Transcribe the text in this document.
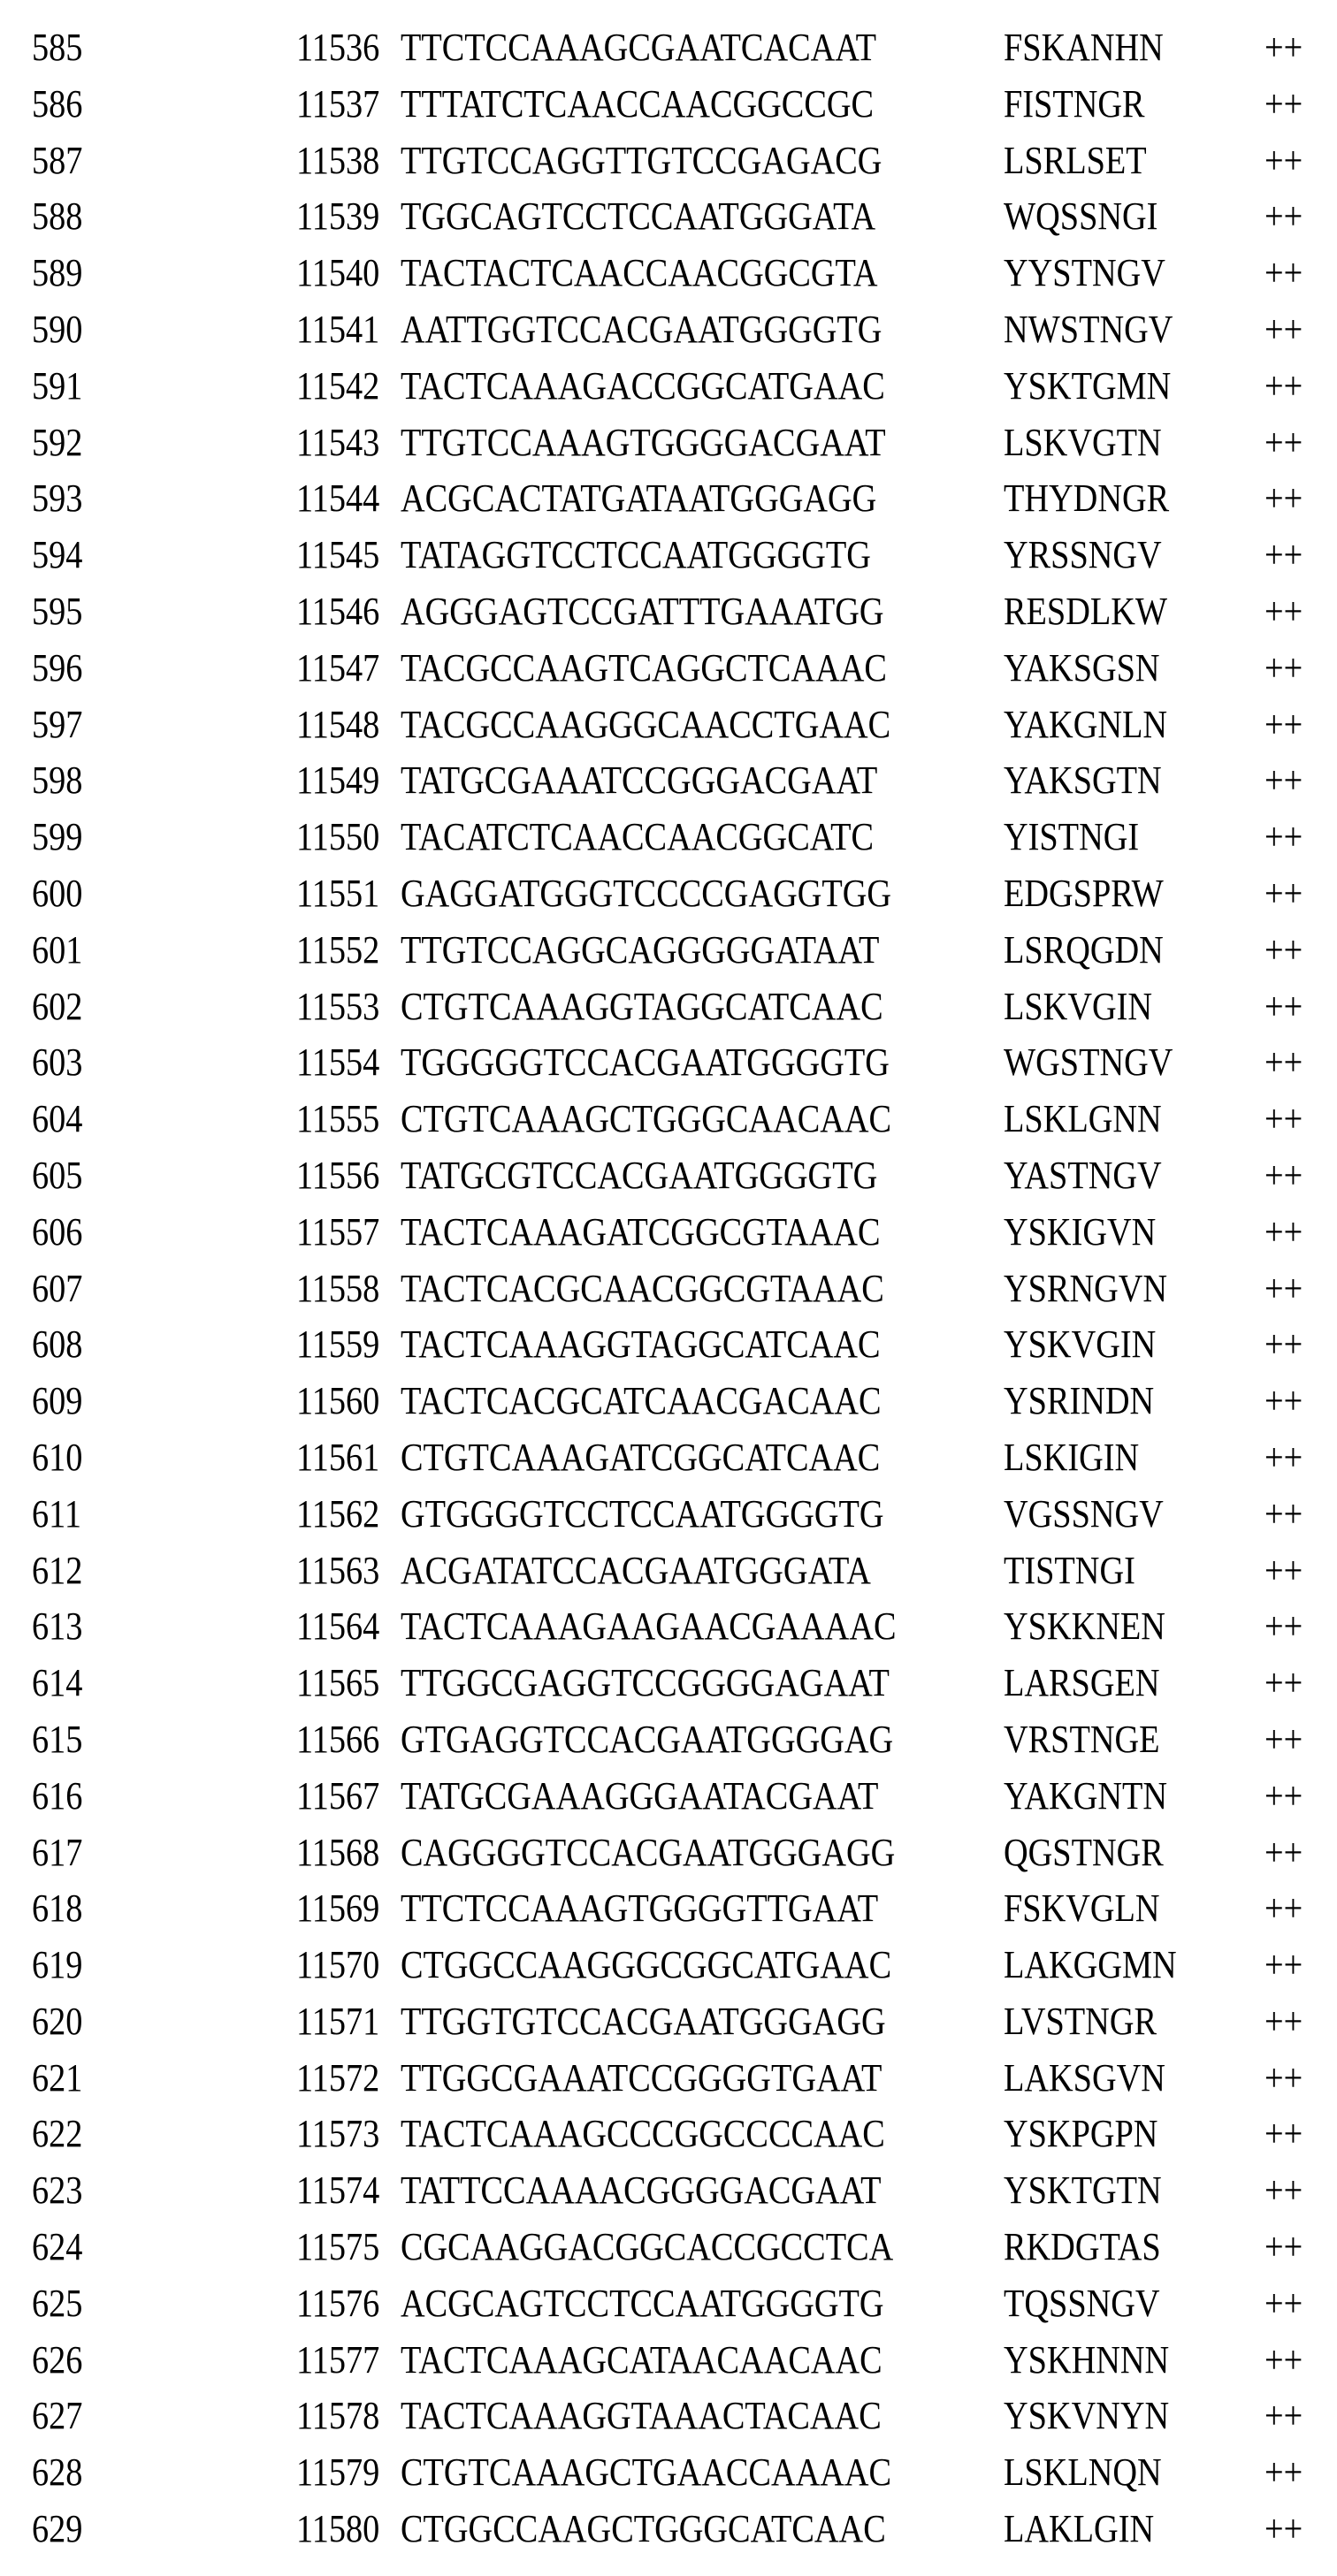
585	11536 TTCTCCAAAGCGAATCACAAT	FSKANHN	++
586	11537 TTTATCTCAACCAACGGCCGC	FISTNGR	++
587	11538 TTGTCCAGGTTGTCCGAGACG	LSRLSET	++
588	11539 TGGCAGTCCTCCAATGGGATA	WQSSNGI	++
589	11540 TACTACTCAACCAACGGCGTA	YYSTNGV	++
590	11541 AATTGGTCCACGAATGGGGTG	NWSTNGV ++
591	11542 TACTCAAAGACCGGCATGAAC	YSKTGMN ++
592	11543 TTGTCCAAAGTGGGGACGAAT	LSKVGTN	++
593	11544 ACGCACTATGATAATGGGAGG	THYDNGR ++
594	11545 TATAGGTCCTCCAATGGGGTG	YRSSNGV	++
595	11546 AGGGAGTCCGATTTGAAATGG	RESDLKW ++
596	11547 TACGCCAAGTCAGGCTCAAAC	YAKSGSN	++
597	11548 TACGCCAAGGGCAACCTGAAC	YAKGNLN ++
598	11549 TATGCGAAATCCGGGACGAAT	YAKSGTN	++
599	11550 TACATCTCAACCAACGGCATC	YISTNGI	++
600	11551 GAGGATGGGTCCCCGAGGTGG	EDGSPRW	++
601	11552 TTGTCCAGGCAGGGGGATAAT	LSRQGDN	++
602	11553 CTGTCAAAGGTAGGCATCAAC	LSKVGIN	++
603	11554 TGGGGGTCCACGAATGGGGTG	WGSTNGV ++
604	11555 CTGTCAAAGCTGGGCAACAAC	LSKLGNN	++
605	11556 TATGCGTCCACGAATGGGGTG	YASTNGV	++
606	11557 TACTCAAAGATCGGCGTAAAC	YSKIGVN	++
607	11558 TACTCACGCAACGGCGTAAAC	YSRNGVN ++
608	11559 TACTCAAAGGTAGGCATCAAC	YSKVGIN	++
609	11560 TACTCACGCATCAACGACAAC	YSRINDN	++
610	11561 CTGTCAAAGATCGGCATCAAC	LSKIGIN	++
611	11562 GTGGGGTCCTCCAATGGGGTG	VGSSNGV	++
612	11563 ACGATATCCACGAATGGGATA	TISTNGI	++
613	11564 TACTCAAAGAAGAACGAAAAC	YSKKNEN	++
614	11565 TTGGCGAGGTCCGGGGAGAAT	LARSGEN	++
615	11566 GTGAGGTCCACGAATGGGGAG	VRSTNGE	++
616	11567 TATGCGAAAGGGAATACGAAT	YAKGNTN ++
617	11568 CAGGGGTCCACGAATGGGAGG	QGSTNGR	++
618	11569 TTCTCCAAAGTGGGGTTGAAT	FSKVGLN	++
619	11570 CTGGCCAAGGGCGGCATGAAC	LAKGGMN ++
620	11571 TTGGTGTCCACGAATGGGAGG	LVSTNGR	++
621	11572 TTGGCGAAATCCGGGGTGAAT	LAKSGVN	++
622	11573 TACTCAAAGCCCGGCCCCAAC	YSKPGPN	++
623	11574 TATTCCAAAACGGGGACGAAT	YSKTGTN	++
624	11575 CGCAAGGACGGCACCGCCTCA	RKDGTAS	++
625	11576 ACGCAGTCCTCCAATGGGGTG	TQSSNGV	++
626	11577 TACTCAAAGCATAACAACAAC	YSKHNNN ++
627	11578 TACTCAAAGGTAAACTACAAC	YSKVNYN ++
628	11579 CTGTCAAAGCTGAACCAAAAC	LSKLNQN	++
629	11580 CTGGCCAAGCTGGGCATCAAC	LAKLGIN	++
